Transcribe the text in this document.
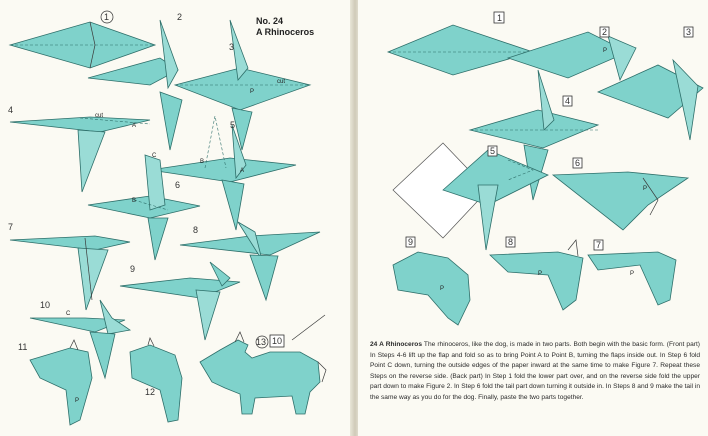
1	2
3
4
5
6
7	8
9
10
11
12
13 10
cut
P
cut
A
A
B
C
B
C
P
No. 24
A Rhinoceros
1
2	3
4
5
6
7
8
9
P
P
P	P
P
24 A Rhinoceros The rhinoceros, like the dog, is made in two parts. Both begin with the basic form. (Front part) In Steps 4-6 lift up the flap and fold so as to bring Point A to Point B, turning the flaps inside out. In Step 6 fold Point C down, turning the outside edges of the paper inward at the same time to make Figure 7. Repeat these Steps on the reverse side. (Back part) In Step 1 fold the lower part over, and on the reverse side fold the upper part down to make Figure 2. In Step 6 fold the tail part down turning it outside in. In Steps 8 and 9 make the tail in the same way as you do for the dog. Finally, paste the two parts together.
